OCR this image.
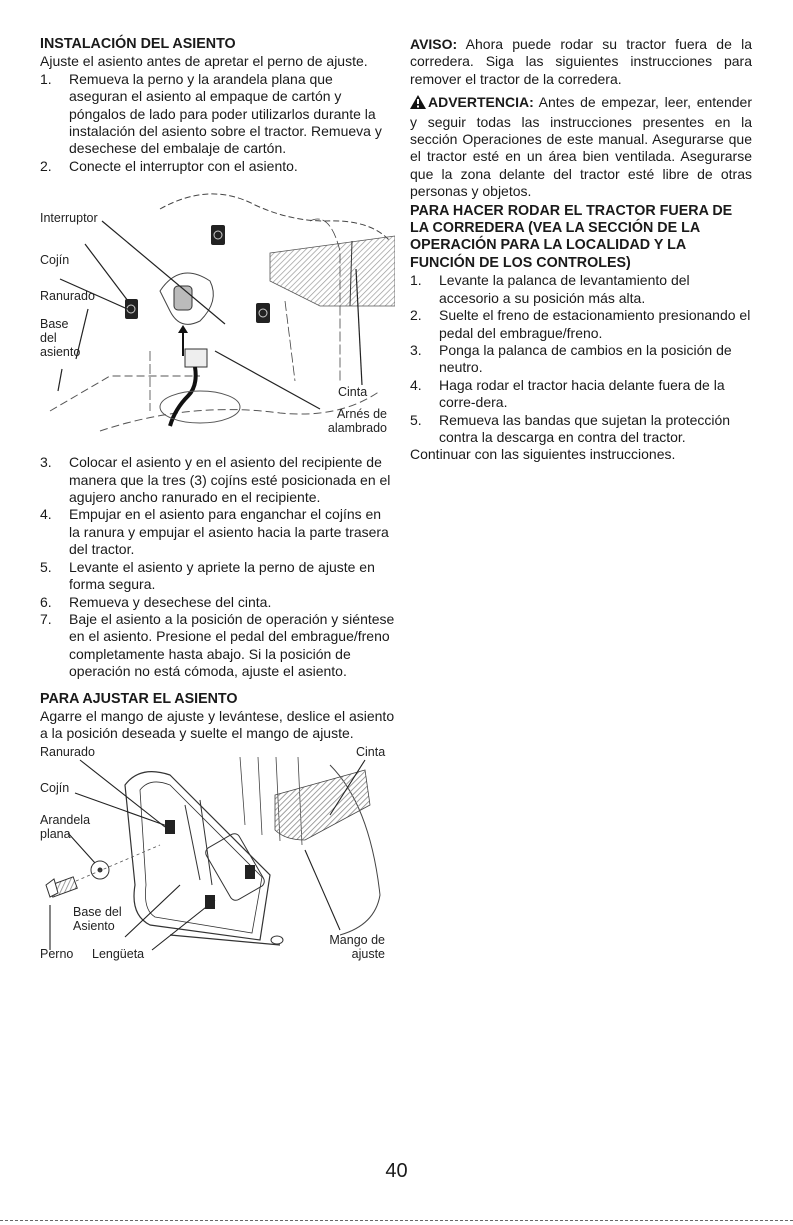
INSTALACIÓN DEL ASIENTO

Ajuste el asiento antes de apretar el perno de ajuste.

1. Remueva la perno y la arandela plana que aseguran el asiento al empaque de cartón y póngalos de lado para poder utilizarlos durante la instalación del asiento sobre el tractor. Remueva y desechese del embalaje de cartón.
2. Conecte el interruptor con el asiento.
Interruptor
Cojín
Ranurado
Base del asiento
Cinta
Arnés de alambrado
3. Colocar el asiento y en el asiento del recipiente de manera que la tres (3) cojíns esté posicionada en el agujero ancho ranurado en el recipiente.
4. Empujar en el asiento para enganchar el cojíns en la ranura y empujar el asiento hacia la parte trasera del tractor.
5. Levante el asiento y apriete la perno de ajuste en forma segura.
6. Remueva y desechese del cinta.
7. Baje el asiento a la posición de operación y siéntese en el asiento. Presione el pedal del embrague/freno completamente hasta abajo. Si la posición de operación no está cómoda, ajuste el asiento.
PARA AJUSTAR EL ASIENTO

Agarre el mango de ajuste y levántese, deslice el asiento a la posición deseada y suelte el mango de ajuste.

Ranurado	Cinta
Cojín
Arandela plana
Base del Asiento
Perno Lengüeta
Mango de ajuste

AVISO: Ahora puede rodar su tractor fuera de la corredera. Siga las siguientes instrucciones para remover el tractor de la corredera.

ADVERTENCIA: Antes de empezar, leer, entender y seguir todas las instrucciones presentes en la sección Operaciones de este manual. Asegurarse que el tractor esté en un área bien ventilada. Asegurarse que la zona delante del tractor esté libre de otras personas y objetos.

PARA HACER RODAR EL TRACTOR FUERA DE LA CORREDERA (VEA LA SECCIÓN DE LA OPERACIÓN PARA LA LOCALIDAD Y LA FUNCIÓN DE LOS CONTROLES)
1. Levante la palanca de levantamiento del accesorio a su posición más alta.
2. Suelte el freno de estacionamiento presionando el pedal del embrague/freno.
3. Ponga la palanca de cambios en la posición de neutro.
4. Haga rodar el tractor hacia delante fuera de la corre-dera.
5. Remueva las bandas que sujetan la protección contra la descarga en contra del tractor.

Continuar con las siguientes instrucciones.

40
